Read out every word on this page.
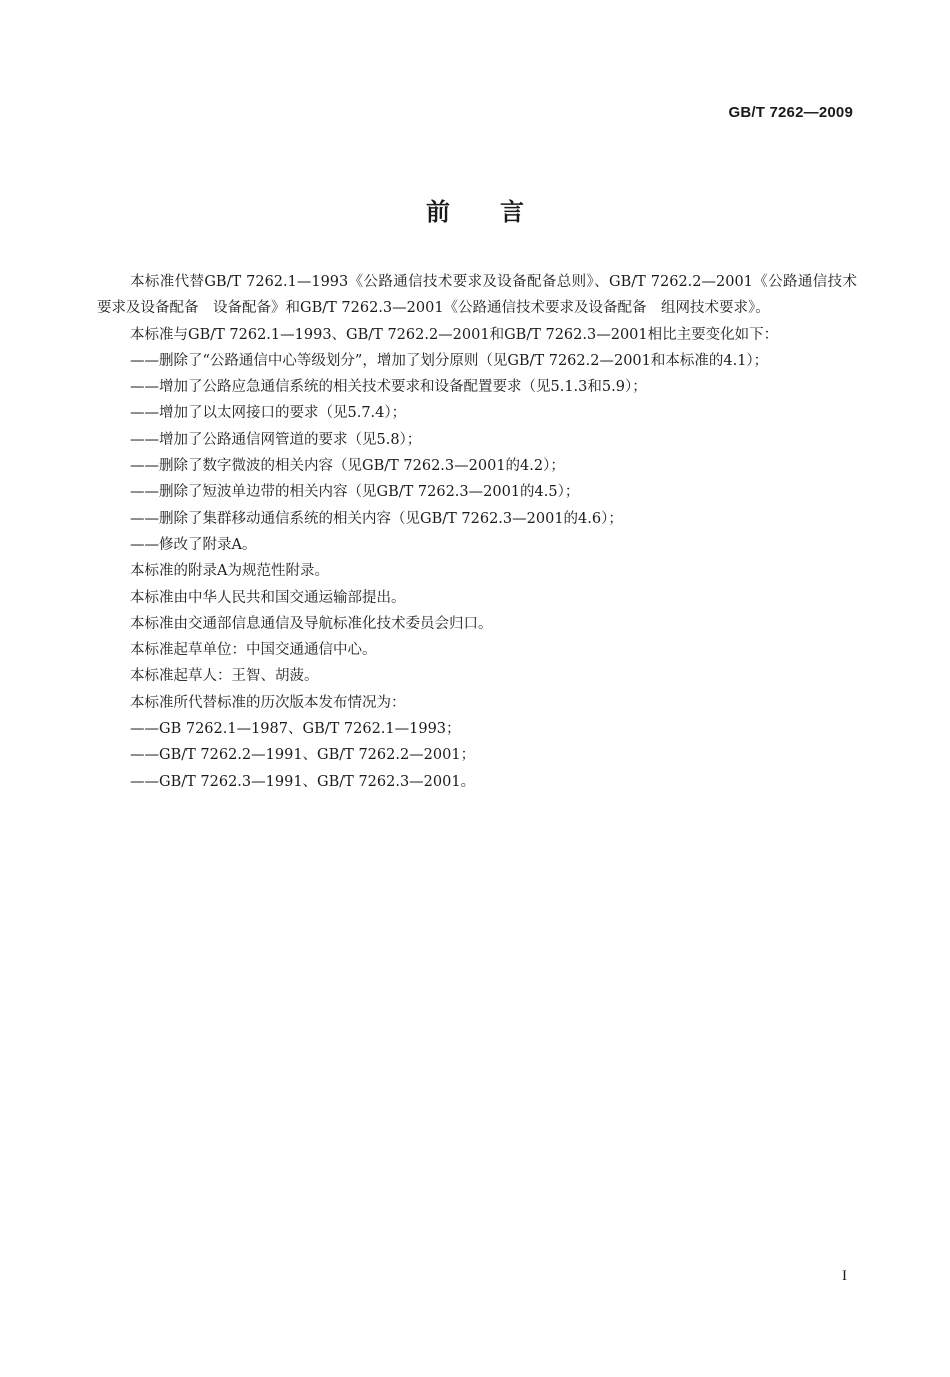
GB/T 7262—2009
前 言

本标准代替GB/T 7262.1—1993《公路通信技术要求及设备配备总则》、GB/T 7262.2—2001《公路通信技术要求及设备配备　设备配备》和GB/T 7262.3—2001《公路通信技术要求及设备配备　组网技术要求》。

本标准与GB/T 7262.1—1993、GB/T 7262.2—2001和GB/T 7262.3—2001相比主要变化如下：

——删除了“公路通信中心等级划分”，增加了划分原则（见GB/T 7262.2—2001和本标准的4.1）；

——增加了公路应急通信系统的相关技术要求和设备配置要求（见5.1.3和5.9）；

——增加了以太网接口的要求（见5.7.4）；

——增加了公路通信网管道的要求（见5.8）；

——删除了数字微波的相关内容（见GB/T 7262.3—2001的4.2）；

——删除了短波单边带的相关内容（见GB/T 7262.3—2001的4.5）；

——删除了集群移动通信系统的相关内容（见GB/T 7262.3—2001的4.6）；

——修改了附录A。

本标准的附录A为规范性附录。

本标准由中华人民共和国交通运输部提出。

本标准由交通部信息通信及导航标准化技术委员会归口。

本标准起草单位：中国交通通信中心。

本标准起草人：王智、胡菠。

本标准所代替标准的历次版本发布情况为：

——GB 7262.1—1987、GB/T 7262.1—1993；

——GB/T 7262.2—1991、GB/T 7262.2—2001；

——GB/T 7262.3—1991、GB/T 7262.3—2001。

I
